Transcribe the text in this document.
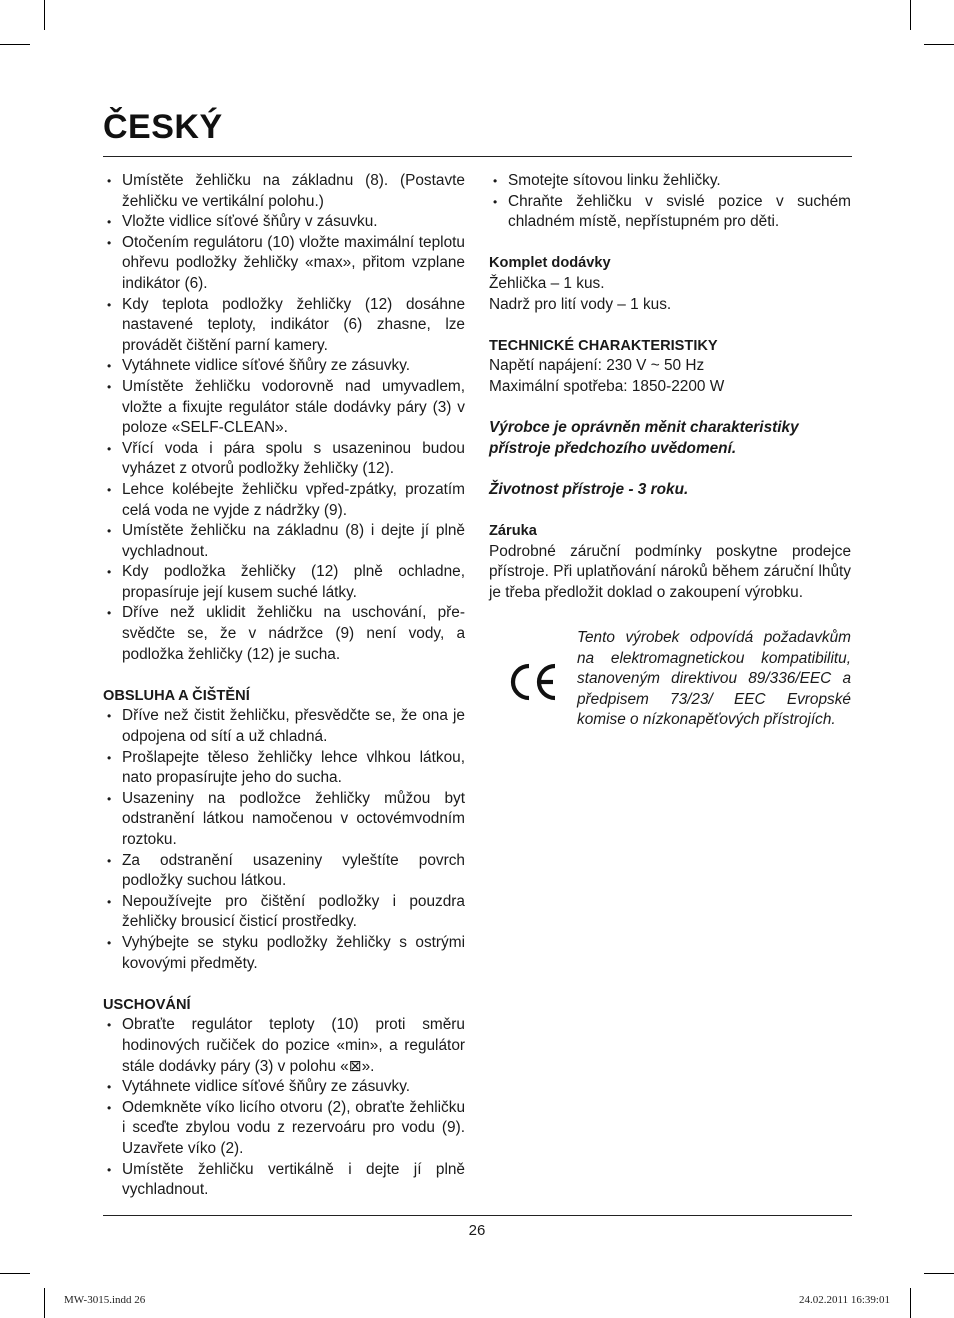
ČESKÝ
• Umístěte žehličku na základnu (8). (Postavte žehličku ve vertikální polohu.)
• Vložte vidlice síťové šňůry v zásuvku.
• Otočením regulátoru (10) vložte maximální teplotu ohřevu podložky žehličky «max», přitom vzplane indikátor (6).
• Kdy teplota podložky žehličky (12) dosáhne nastavené teploty, indikátor (6) zhasne, lze provádět čištění parní kamery.
• Vytáhnete vidlice síťové šňůry ze zásuvky.
• Umístěte žehličku vodorovně nad umyvadlem, vložte a fixujte regulátor stále dodávky páry (3) v poloze «SELF-CLEAN».
• Vřící voda i pára spolu s usazeninou budou vyházet z otvorů podložky žehličky (12).
• Lehce kolébejte žehličku vpřed-zpátky, prozatím celá voda ne vyjde z nádržky (9).
• Umístěte žehličku na základnu (8) i dejte jí plně vychladnout.
• Kdy podložka žehličky (12) plně ochladne, propasíruje její kusem suché látky.
• Dříve než uklidit žehličku na uschování, přesvědčte se, že v nádržce (9) není vody, a podložka žehličky (12) je sucha.

OBSLUHA A ČIŠTĚNÍ

• Dříve než čistit žehličku, přesvědčte se, že ona je odpojena od sítí a už chladná.
• Prošlapejte těleso žehličky lehce vlhkou látkou, nato propasírujte jeho do sucha.
• Usazeniny na podložce žehličky můžou byt odstranění látkou namočenou v octovémvodním roztoku.
• Za odstranění usazeniny vyleštíte povrch podložky suchou látkou.
• Nepoužívejte pro čištění podložky i pouzdra žehličky brousicí čisticí prostředky.
• Vyhýbejte se styku podložky žehličky s ostrými kovovými předměty.

USCHOVÁNÍ

• Obraťte regulátor teploty (10) proti směru hodinových ručiček do pozice «min», a regulátor stále dodávky páry (3) v polohu «⊠».
• Vytáhnete vidlice síťové šňůry ze zásuvky.
• Odemkněte víko licího otvoru (2), obraťte žehličku i sceďte zbylou vodu z rezervoáru pro vodu (9). Uzavřete víko (2).
• Umístěte žehličku vertikálně i dejte jí plně vychladnout.
• Smotejte sítovou linku žehličky.
• Chraňte žehličku v svislé pozice v suchém chladném místě, nepřístupném pro děti.

Komplet dodávky

Žehlička – 1 kus.

Nadrž pro lití vody – 1 kus.

TECHNICKÉ CHARAKTERISTIKY

Napětí napájení: 230 V ~ 50 Hz

Maximální spotřeba: 1850-2200 W

Výrobce je oprávněn měnit charakteristiky přístroje předchozího uvědomení.

Životnost přístroje - 3 roku.

Záruka

Podrobné záruční podmínky poskytne prodejce přístroje. Při uplatňování nároků během záruční lhůty je třeba předložit doklad o zakoupení výrobku.

Tento výrobek odpovídá požadavkům na elektromagnetickou kompatibilitu, stanoveným direktivou 89/336/EEC a předpisem 73/23/ EEC Evropské komise o nízkonapěťových přístrojích.

26
MW-3015.indd 26	24.02.2011 16:39:01
